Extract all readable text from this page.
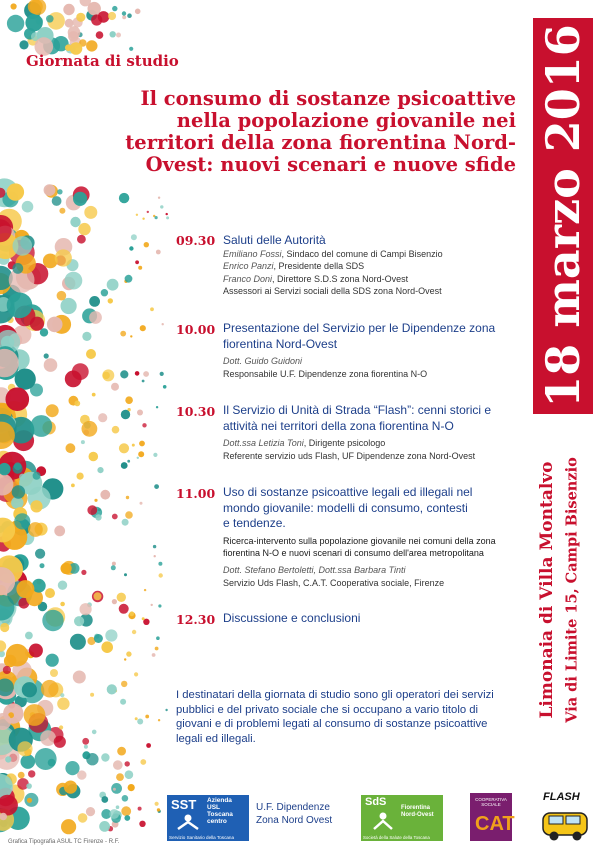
Giornata di studio
Il consumo di sostanze psicoattive
nella popolazione giovanile nei
territori della zona fiorentina Nord-
Ovest: nuovi scenari e nuove sfide 18 marzo 2016
Limonaia di Villa Montalvo Via di Limite 15, Campi Bisenzio
09.30 Saluti delle Autorità
Emiliano Fossi, Sindaco del comune di Campi Bisenzio
Enrico Panzi, Presidente della SDS
Franco Doni, Direttore S.D.S zona Nord-Ovest
Assessori ai Servizi sociali della SDS zona Nord-Ovest
10.00 Presentazione del Servizio per le Dipendenze zona
fiorentina Nord-Ovest
Dott. Guido Guidoni
Responsabile U.F. Dipendenze zona fiorentina N-O
10.30 Il Servizio di Unità di Strada “Flash”: cenni storici e
attività nei territori della zona fiorentina N-O
Dott.ssa Letizia Toni, Dirigente psicologo
Referente servizio uds Flash, UF Dipendenze zona Nord-Ovest
11.00 Uso di sostanze psicoattive legali ed illegali nel
mondo giovanile: modelli di consumo, contesti
e tendenze.
Ricerca-intervento sulla popolazione giovanile nei comuni della zona
fiorentina N-O e nuovi scenari di consumo dell'area metropolitana
Dott. Stefano Bertoletti, Dott.ssa Barbara Tinti
Servizio Uds Flash, C.A.T. Cooperativa sociale, Firenze
12.30 Discussione e conclusioni
I destinatari della giornata di studio sono gli operatori dei servizi
pubblici e del privato sociale che si occupano a vario titolo di
giovani e di problemi legati al consumo di sostanze psicoattive
legali ed illegali.
SST Azienda
USL
Toscana
centro
Servizio Sanitario della Toscana
U.F. Dipendenze
Zona Nord Ovest
SdS Fiorentina
Nord-Ovest
Società della Salute della Toscana
COOPERATIVA
SOCIALE
CAT
FLASH
Grafica Tipografia ASUL TC Firenze - R.F.
